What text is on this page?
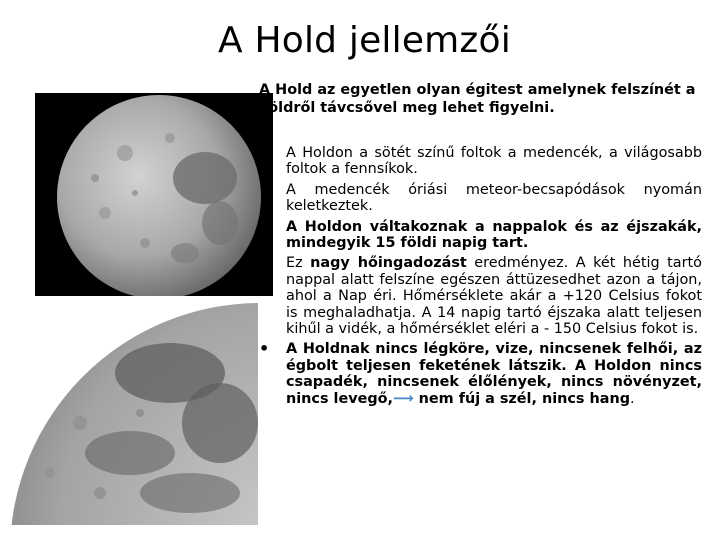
A Hold jellemzői

A Hold az egyetlen olyan égitest amelynek felszínét a Földről távcsővel meg lehet figyelni.

• A Holdon a sötét színű foltok a medencék, a világosabb foltok a fennsíkok.
• A medencék óriási meteor-becsapódások nyomán keletkeztek.
• A Holdon váltakoznak a nappalok és az éjszakák, mindegyik 15 földi napig tart.
• Ez nagy hőingadozást eredményez. A két hétig tartó nappal alatt felszíne egészen áttüzesedhet azon a tájon, ahol a Nap éri. Hőmérséklete akár a +120 Celsius fokot is meghaladhatja. A 14 napig tartó éjszaka alatt teljesen kihűl a vidék, a hőmérséklet eléri a - 150 Celsius fokot is.
• A Holdnak nincs légköre, vize, nincsenek felhői, az égbolt teljesen feketének látszik. A Holdon nincs csapadék, nincsenek élőlények, nincs növényzet, nincs levegő,⟶ nem fúj a szél, nincs hang.
